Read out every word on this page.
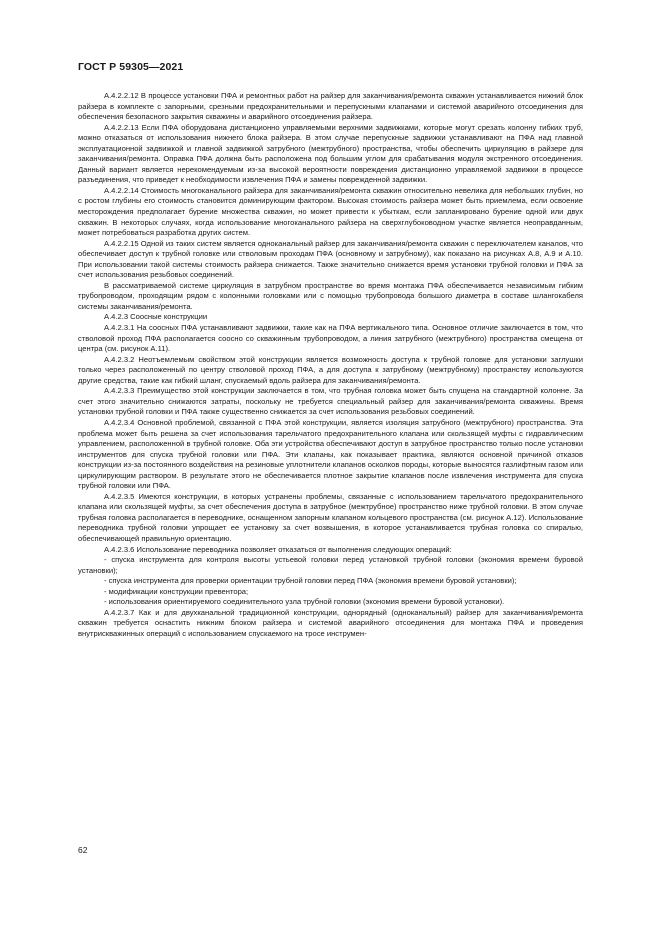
ГОСТ Р 59305—2021

А.4.2.2.12 В процессе установки ПФА и ремонтных работ на райзер для заканчивания/ремонта скважин устанавливается нижний блок райзера в комплекте с запорными, срезными предохранительными и перепускными клапанами и системой аварийного отсоединения для обеспечения безопасного закрытия скважины и аварийного отсоединения райзера.

А.4.2.2.13 Если ПФА оборудована дистанционно управляемыми верхними задвижками, которые могут срезать колонну гибких труб, можно отказаться от использования нижнего блока райзера. В этом случае перепускные задвижки устанавливают на ПФА над главной эксплуатационной задвижкой и главной задвижкой затрубного (межтрубного) пространства, чтобы обеспечить циркуляцию в райзере для заканчивания/ремонта. Оправка ПФА должна быть расположена под большим углом для срабатывания модуля экстренного отсоединения. Данный вариант является нерекомендуемым из-за высокой вероятности повреждения дистанционно управляемой задвижки в процессе разъединения, что приведет к необходимости извлечения ПФА и замены поврежденной задвижки.

А.4.2.2.14 Стоимость многоканального райзера для заканчивания/ремонта скважин относительно невелика для небольших глубин, но с ростом глубины его стоимость становится доминирующим фактором. Высокая стоимость райзера может быть приемлема, если освоение месторождения предполагает бурение множества скважин, но может привести к убыткам, если запланировано бурение одной или двух скважин. В некоторых случаях, когда использование многоканального райзера на сверхглубоководном участке является неоправданным, может потребоваться разработка других систем.

А.4.2.2.15 Одной из таких систем является одноканальный райзер для заканчивания/ремонта скважин с переключателем каналов, что обеспечивает доступ к трубной головке или стволовым проходам ПФА (основному и затрубному), как показано на рисунках А.8, А.9 и А.10. При использовании такой системы стоимость райзера снижается. Также значительно снижается время установки трубной головки и ПФА за счет использования резьбовых соединений.

В рассматриваемой системе циркуляция в затрубном пространстве во время монтажа ПФА обеспечивается независимым гибким трубопроводом, проходящим рядом с колонными головками или с помощью трубопровода большого диаметра в составе шлангокабеля системы заканчивания/ремонта.

А.4.2.3 Соосные конструкции

А.4.2.3.1 На соосных ПФА устанавливают задвижки, такие как на ПФА вертикального типа. Основное отличие заключается в том, что стволовой проход ПФА располагается соосно со скважинным трубопроводом, а линия затрубного (межтрубного) пространства смещена от центра (см. рисунок А.11).

А.4.2.3.2 Неотъемлемым свойством этой конструкции является возможность доступа к трубной головке для установки заглушки только через расположенный по центру стволовой проход ПФА, а для доступа к затрубному (межтрубному) пространству используются другие средства, такие как гибкий шланг, спускаемый вдоль райзера для заканчивания/ремонта.

А.4.2.3.3 Преимущество этой конструкции заключается в том, что трубная головка может быть спущена на стандартной колонне. За счет этого значительно снижаются затраты, поскольку не требуется специальный райзер для заканчивания/ремонта скважины. Время установки трубной головки и ПФА также существенно снижается за счет использования резьбовых соединений.

А.4.2.3.4 Основной проблемой, связанной с ПФА этой конструкции, является изоляция затрубного (межтрубного) пространства. Эта проблема может быть решена за счет использования тарельчатого предохранительного клапана или скользящей муфты с гидравлическим управлением, расположенной в трубной головке. Оба эти устройства обеспечивают доступ в затрубное пространство только после установки инструментов для спуска трубной головки или ПФА. Эти клапаны, как показывает практика, являются основной причиной отказов конструкции из-за постоянного воздействия на резиновые уплотнители клапанов осколков породы, которые выносятся газлифтным газом или циркулирующим раствором. В результате этого не обеспечивается плотное закрытие клапанов после извлечения инструмента для спуска трубной головки или ПФА.

А.4.2.3.5 Имеются конструкции, в которых устранены проблемы, связанные с использованием тарельчатого предохранительного клапана или скользящей муфты, за счет обеспечения доступа в затрубное (межтрубное) пространство ниже трубной головки. В этом случае трубная головка располагается в переводнике, оснащенном запорным клапаном кольцевого пространства (см. рисунок А.12). Использование переводника трубной головки упрощает ее установку за счет возвышения, в которое устанавливается трубная головка со спиралью, обеспечивающей правильную ориентацию.

А.4.2.3.6 Использование переводника позволяет отказаться от выполнения следующих операций:

- спуска инструмента для контроля высоты устьевой головки перед установкой трубной головки (экономия времени буровой установки);

- спуска инструмента для проверки ориентации трубной головки перед ПФА (экономия времени буровой установки);

- модификации конструкции превентора;

- использования ориентируемого соединительного узла трубной головки (экономия времени буровой установки).

А.4.2.3.7 Как и для двухканальной традиционной конструкции, однорядный (одноканальный) райзер для заканчивания/ремонта скважин требуется оснастить нижним блоком райзера и системой аварийного отсоединения для монтажа ПФА и проведения внутрискважинных операций с использованием спускаемого на тросе инструмен-

62
